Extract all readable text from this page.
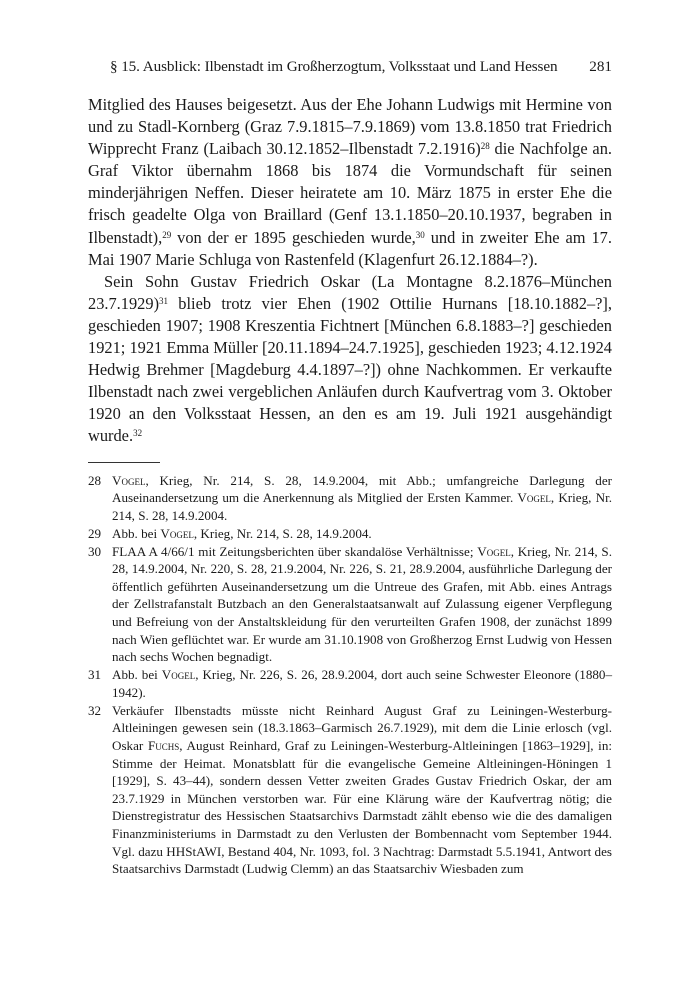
§ 15. Ausblick: Ilbenstadt im Großherzogtum, Volksstaat und Land Hessen 281

Mitglied des Hauses beigesetzt. Aus der Ehe Johann Ludwigs mit Hermine von und zu Stadl-Kornberg (Graz 7.9.1815–7.9.1869) vom 13.8.1850 trat Friedrich Wipprecht Franz (Laibach 30.12.1852–Ilbenstadt 7.2.1916)$^{28}$ die Nachfolge an. Graf Viktor übernahm 1868 bis 1874 die Vormundschaft für seinen minderjährigen Neffen. Dieser heiratete am 10. März 1875 in erster Ehe die frisch geadelte Olga von Braillard (Genf 13.1.1850–20.10.1937, begraben in Ilbenstadt),$^{29}$ von der er 1895 geschieden wurde,$^{30}$ und in zweiter Ehe am 17. Mai 1907 Marie Schluga von Rastenfeld (Klagenfurt 26.12.1884–?).

Sein Sohn Gustav Friedrich Oskar (La Montagne 8.2.1876–München 23.7.1929)$^{31}$ blieb trotz vier Ehen (1902 Ottilie Hurnans [18.10.1882–?], geschieden 1907; 1908 Kreszentia Fichtnert [München 6.8.1883–?] geschieden 1921; 1921 Emma Müller [20.11.1894–24.7.1925], geschieden 1923; 4.12.1924 Hedwig Brehmer [Magdeburg 4.4.1897–?]) ohne Nachkommen. Er verkaufte Ilbenstadt nach zwei vergeblichen Anläufen durch Kaufvertrag vom 3. Oktober 1920 an den Volksstaat Hessen, an den es am 19. Juli 1921 ausgehändigt wurde.$^{32}$

28 Vogel, Krieg, Nr. 214, S. 28, 14.9.2004, mit Abb.; umfangreiche Darlegung der Auseinandersetzung um die Anerkennung als Mitglied der Ersten Kammer. Vogel, Krieg, Nr. 214, S. 28, 14.9.2004.
29 Abb. bei Vogel, Krieg, Nr. 214, S. 28, 14.9.2004.
30 FLAA A 4/66/1 mit Zeitungsberichten über skandalöse Verhältnisse; Vogel, Krieg, Nr. 214, S. 28, 14.9.2004, Nr. 220, S. 28, 21.9.2004, Nr. 226, S. 21, 28.9.2004, ausführliche Darlegung der öffentlich geführten Auseinandersetzung um die Untreue des Grafen, mit Abb. eines Antrags der Zellstrafanstalt Butzbach an den Generalstaatsanwalt auf Zulassung eigener Verpflegung und Befreiung von der Anstaltskleidung für den verurteilten Grafen 1908, der zunächst 1899 nach Wien geflüchtet war. Er wurde am 31.10.1908 von Großherzog Ernst Ludwig von Hessen nach sechs Wochen begnadigt.
31 Abb. bei Vogel, Krieg, Nr. 226, S. 26, 28.9.2004, dort auch seine Schwester Eleonore (1880–1942).
32 Verkäufer Ilbenstadts müsste nicht Reinhard August Graf zu Leiningen-Westerburg-Altleiningen gewesen sein (18.3.1863–Garmisch 26.7.1929), mit dem die Linie erlosch (vgl. Oskar Fuchs, August Reinhard, Graf zu Leiningen-Westerburg-Altleiningen [1863–1929], in: Stimme der Heimat. Monatsblatt für die evangelische Gemeine Altleiningen-Höningen 1 [1929], S. 43–44), sondern dessen Vetter zweiten Grades Gustav Friedrich Oskar, der am 23.7.1929 in München verstorben war. Für eine Klärung wäre der Kaufvertrag nötig; die Dienstregistratur des Hessischen Staatsarchivs Darmstadt zählt ebenso wie die des damaligen Finanzministeriums in Darmstadt zu den Verlusten der Bombennacht vom September 1944. Vgl. dazu HHStAWI, Bestand 404, Nr. 1093, fol. 3 Nachtrag: Darmstadt 5.5.1941, Antwort des Staatsarchivs Darmstadt (Ludwig Clemm) an das Staatsarchiv Wiesbaden zum
